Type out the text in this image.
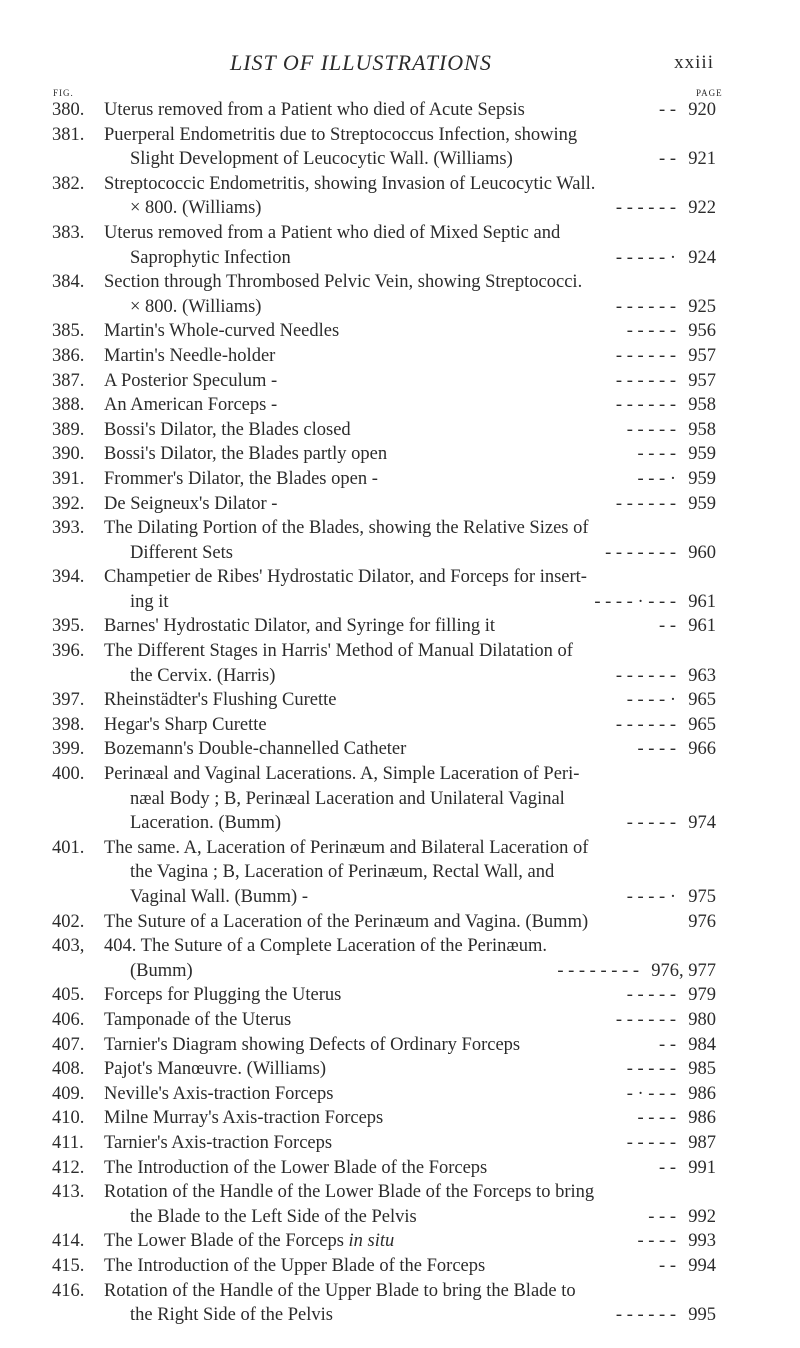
LIST OF ILLUSTRATIONS	xxiii
FIG.	PAGE
380. Uterus removed from a Patient who died of Acute Sepsis	920
- -
381. Puerperal Endometritis due to Streptococcus Infection, showing
Slight Development of Leucocytic Wall. (Williams)	921
- -
382. Streptococcic Endometritis, showing Invasion of Leucocytic Wall.
× 800. (Williams)	922
- - - - - -
383. Uterus removed from a Patient who died of Mixed Septic and
Saprophytic Infection	924
- - - - - ·
384. Section through Thrombosed Pelvic Vein, showing Streptococci.
× 800. (Williams)	925
- - - - - -
385. Martin's Whole-curved Needles	956
- - - - -
386. Martin's Needle-holder	957
- - - - - -
387. A Posterior Speculum -	957
- - - - - -
388. An American Forceps -	958
- - - - - -
389. Bossi's Dilator, the Blades closed	958
- - - - -
390. Bossi's Dilator, the Blades partly open	959
- - - -
391. Frommer's Dilator, the Blades open -	959
- - - ·
392. De Seigneux's Dilator -	959
- - - - - -
393. The Dilating Portion of the Blades, showing the Relative Sizes of
Different Sets	960
- - - - - - -
394. Champetier de Ribes' Hydrostatic Dilator, and Forceps for insert-
ing it	961
- - - - · - - -
395. Barnes' Hydrostatic Dilator, and Syringe for filling it	961
- -
396. The Different Stages in Harris' Method of Manual Dilatation of
the Cervix. (Harris)	963
- - - - - -
397. Rheinstädter's Flushing Curette	965
- - - - ·
398. Hegar's Sharp Curette	965
- - - - - -
399. Bozemann's Double-channelled Catheter	966
- - - -
400. Perinæal and Vaginal Lacerations. A, Simple Laceration of Peri-
næal Body ; B, Perinæal Laceration and Unilateral Vaginal
Laceration. (Bumm)	974
- - - - -
401. The same. A, Laceration of Perinæum and Bilateral Laceration of
the Vagina ; B, Laceration of Perinæum, Rectal Wall, and
Vaginal Wall. (Bumm) -	975
- - - - ·
402. The Suture of a Laceration of the Perinæum and Vagina. (Bumm)	976
403, 404. The Suture of a Complete Laceration of the Perinæum.
(Bumm)	976, 977
- - - - - - - -
405. Forceps for Plugging the Uterus	979
- - - - -
406. Tamponade of the Uterus	980
- - - - - -
407. Tarnier's Diagram showing Defects of Ordinary Forceps	984
- -
408. Pajot's Manœuvre. (Williams)	985
- - - - -
409. Neville's Axis-traction Forceps	986
- · - - -
410. Milne Murray's Axis-traction Forceps	986
- - - -
411. Tarnier's Axis-traction Forceps	987
- - - - -
412. The Introduction of the Lower Blade of the Forceps	991
- -
413. Rotation of the Handle of the Lower Blade of the Forceps to bring
the Blade to the Left Side of the Pelvis	992
- - -
414. The Lower Blade of the Forceps in situ	993
- - - -
415. The Introduction of the Upper Blade of the Forceps	994
- -
416. Rotation of the Handle of the Upper Blade to bring the Blade to
the Right Side of the Pelvis	995
- - - - - -
